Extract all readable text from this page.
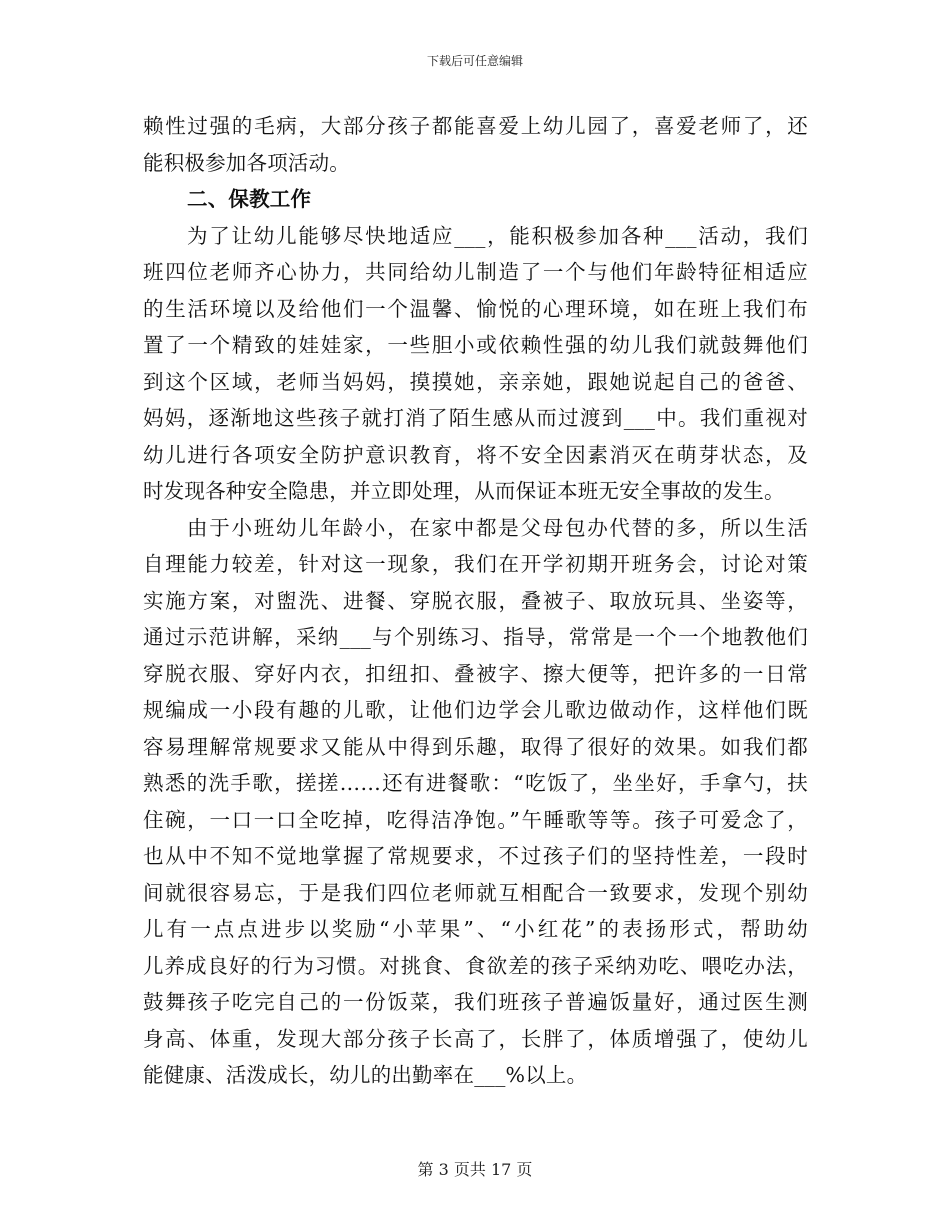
下载后可任意编辑
赖性过强的毛病，大部分孩子都能喜爱上幼儿园了，喜爱老师了，还
能积极参加各项活动。
二、保教工作
为了让幼儿能够尽快地适应___，能积极参加各种___活动，我们
班四位老师齐心协力，共同给幼儿制造了一个与他们年龄特征相适应
的生活环境以及给他们一个温馨、愉悦的心理环境，如在班上我们布
置了一个精致的娃娃家，一些胆小或依赖性强的幼儿我们就鼓舞他们
到这个区域，老师当妈妈，摸摸她，亲亲她，跟她说起自己的爸爸、
妈妈，逐渐地这些孩子就打消了陌生感从而过渡到___中。我们重视对
幼儿进行各项安全防护意识教育，将不安全因素消灭在萌芽状态，及
时发现各种安全隐患，并立即处理，从而保证本班无安全事故的发生。
由于小班幼儿年龄小，在家中都是父母包办代替的多，所以生活
自理能力较差，针对这一现象，我们在开学初期开班务会，讨论对策
实施方案，对盥洗、进餐、穿脱衣服，叠被子、取放玩具、坐姿等，
通过示范讲解，采纳___与个别练习、指导，常常是一个一个地教他们
穿脱衣服、穿好内衣，扣纽扣、叠被字、擦大便等，把许多的一日常
规编成一小段有趣的儿歌，让他们边学会儿歌边做动作，这样他们既
容易理解常规要求又能从中得到乐趣，取得了很好的效果。如我们都
熟悉的洗手歌，搓搓……还有进餐歌：“吃饭了，坐坐好，手拿勺，扶
住碗，一口一口全吃掉，吃得洁净饱。”午睡歌等等。孩子可爱念了，
也从中不知不觉地掌握了常规要求，不过孩子们的坚持性差，一段时
间就很容易忘，于是我们四位老师就互相配合一致要求，发现个别幼
儿有一点点进步以奖励“小苹果”、“小红花”的表扬形式，帮助幼
儿养成良好的行为习惯。对挑食、食欲差的孩子采纳劝吃、喂吃办法，
鼓舞孩子吃完自己的一份饭菜，我们班孩子普遍饭量好，通过医生测
身高、体重，发现大部分孩子长高了，长胖了，体质增强了，使幼儿
能健康、活泼成长，幼儿的出勤率在___%以上。
第 3 页共 17 页
